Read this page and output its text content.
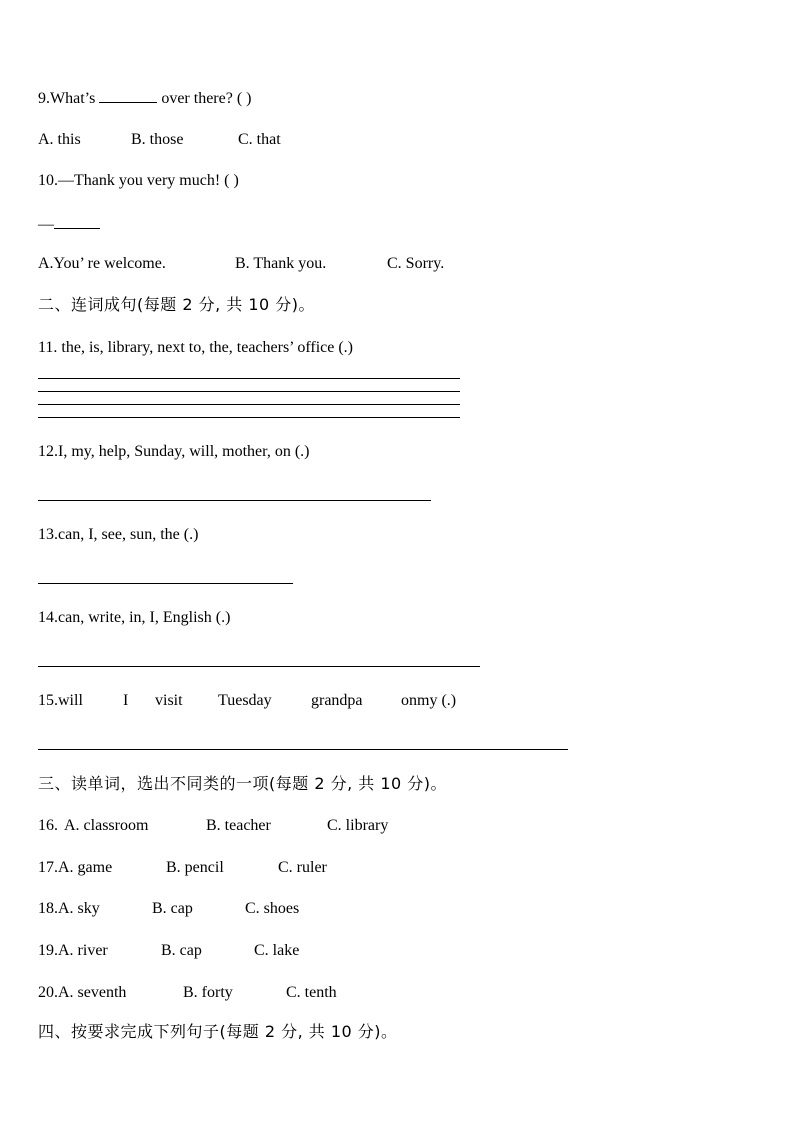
9.What’s	over there? ( )
A. this	B. those	C. that
10.—Thank you very much! ( )
—
A.You’ re welcome.	B. Thank you.	C. Sorry.
二、连词成句(每题 2 分, 共 10 分)。
11. the, is, library, next to, the, teachers’ office (.)
12.I, my, help, Sunday, will, mother, on (.)
13.can, I, see, sun, the (.)
14.can, write, in, I, English (.)
15.will	I visit Tuesday grandpa onmy (.)
三、读单词，选出不同类的一项(每题 2 分, 共 10 分)。
16. A. classroom	B. teacher	C. library
17.A. game	B. pencil	C. ruler
18.A. sky	B. cap	C. shoes
19.A. river	B. cap	C. lake
20.A. seventh	B. forty	C. tenth
四、按要求完成下列句子(每题 2 分, 共 10 分)。
